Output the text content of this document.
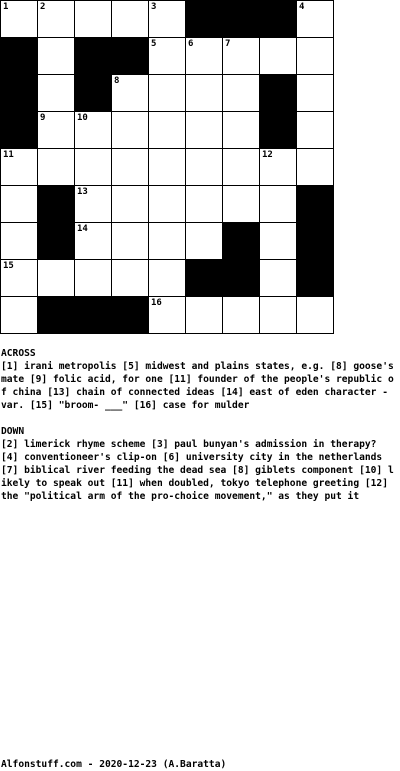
1	2	3	4
5	6	7
8
9	10
11	12
13
14
15
16
ACROSS
[1] irani metropolis [5] midwest and plains states, e.g. [8] goose's mate [9] folic acid, for one [11] founder of the people's republic of china [13] chain of connected ideas [14] east of eden character - var. [15] "broom- ___" [16] case for mulder
DOWN
[2] limerick rhyme scheme [3] paul bunyan's admission in therapy? [4] conventioneer's clip-on [6] university city in the netherlands [7] biblical river feeding the dead sea [8] giblets component [10] likely to speak out [11] when doubled, tokyo telephone greeting [12] the "political arm of the pro-choice movement," as they put it
Alfonstuff.com - 2020-12-23 (A.Baratta)
